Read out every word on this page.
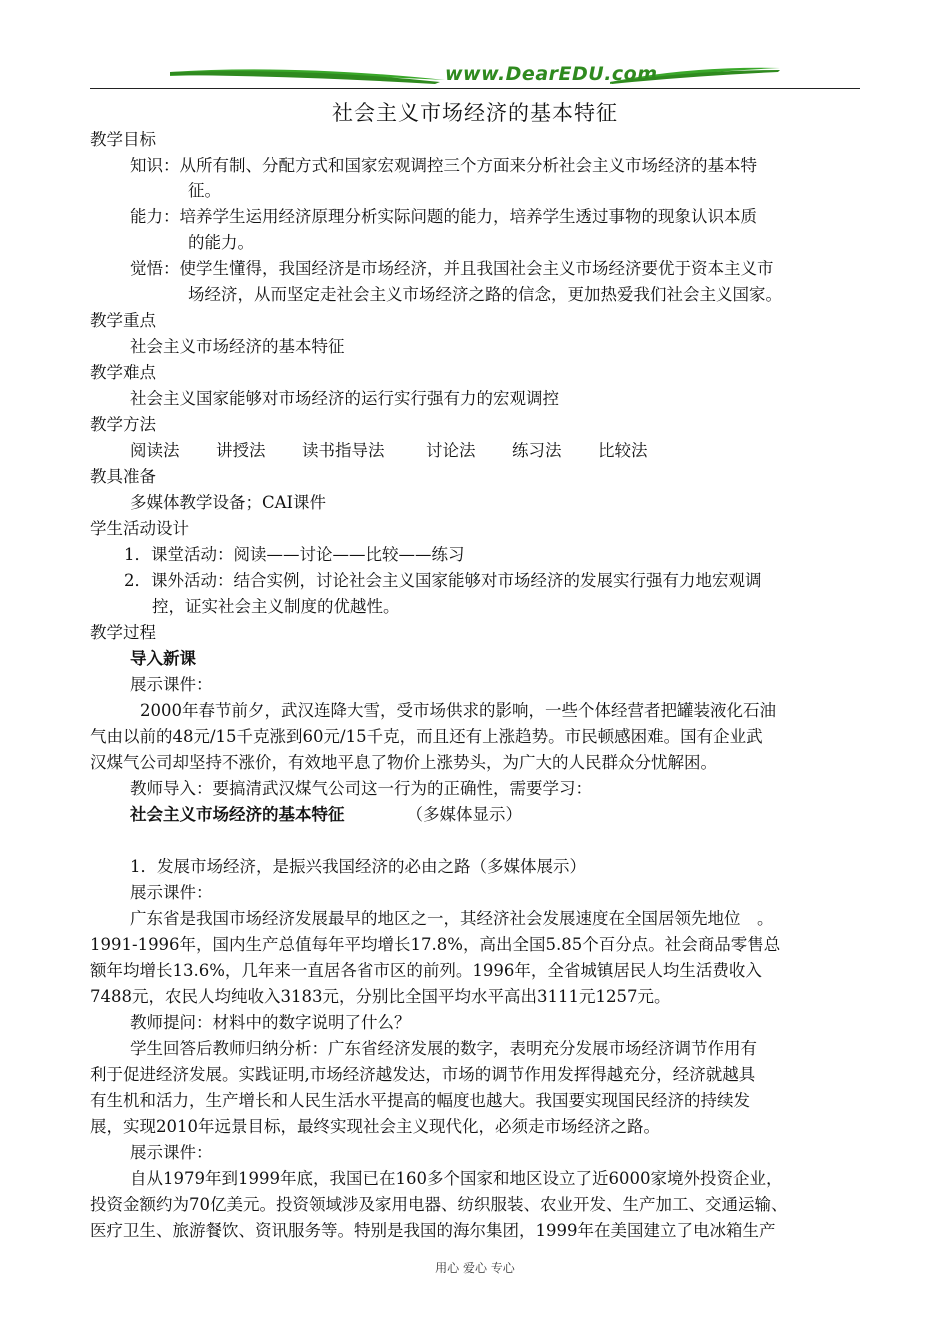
www.DearEDU.com
社会主义市场经济的基本特征
教学目标
知识：从所有制、分配方式和国家宏观调控三个方面来分析社会主义市场经济的基本特
征。
能力：培养学生运用经济原理分析实际问题的能力，培养学生透过事物的现象认识本质
的能力。
觉悟：使学生懂得，我国经济是市场经济，并且我国社会主义市场经济要优于资本主义市
场经济，从而坚定走社会主义市场经济之路的信念，更加热爱我们社会主义国家。
教学重点
社会主义市场经济的基本特征
教学难点
社会主义国家能够对市场经济的运行实行强有力的宏观调控
教学方法
阅读法 讲授法 读书指导法	讨论法 练习法 比较法
教具准备
多媒体教学设备；CAI课件
学生活动设计
1．课堂活动：阅读——讨论——比较——练习
2．课外活动：结合实例，讨论社会主义国家能够对市场经济的发展实行强有力地宏观调
控，证实社会主义制度的优越性。
教学过程
导入新课
展示课件：
2000年春节前夕，武汉连降大雪，受市场供求的影响，一些个体经营者把罐装液化石油
气由以前的48元/15千克涨到60元/15千克，而且还有上涨趋势。市民顿感困难。国有企业武
汉煤气公司却坚持不涨价，有效地平息了物价上涨势头，为广大的人民群众分忧解困。
教师导入：要搞清武汉煤气公司这一行为的正确性，需要学习：
社会主义市场经济的基本特征	（多媒体显示）
1．发展市场经济，是振兴我国经济的必由之路（多媒体展示）
展示课件：
广东省是我国市场经济发展最早的地区之一，其经济社会发展速度在全国居领先地位　。
1991-1996年，国内生产总值每年平均增长17.8%，高出全国5.85个百分点。社会商品零售总
额年均增长13.6%，几年来一直居各省市区的前列。1996年，全省城镇居民人均生活费收入
7488元，农民人均纯收入3183元，分别比全国平均水平高出3111元1257元。
教师提问：材料中的数字说明了什么？
学生回答后教师归纳分析：广东省经济发展的数字，表明充分发展市场经济调节作用有
利于促进经济发展。实践证明,市场经济越发达，市场的调节作用发挥得越充分，经济就越具
有生机和活力，生产增长和人民生活水平提高的幅度也越大。我国要实现国民经济的持续发
展，实现2010年远景目标，最终实现社会主义现代化，必须走市场经济之路。
展示课件：
自从1979年到1999年底，我国已在160多个国家和地区设立了近6000家境外投资企业，
投资金额约为70亿美元。投资领域涉及家用电器、纺织服装、农业开发、生产加工、交通运输、
医疗卫生、旅游餐饮、资讯服务等。特别是我国的海尔集团，1999年在美国建立了电冰箱生产
用心 爱心 专心
